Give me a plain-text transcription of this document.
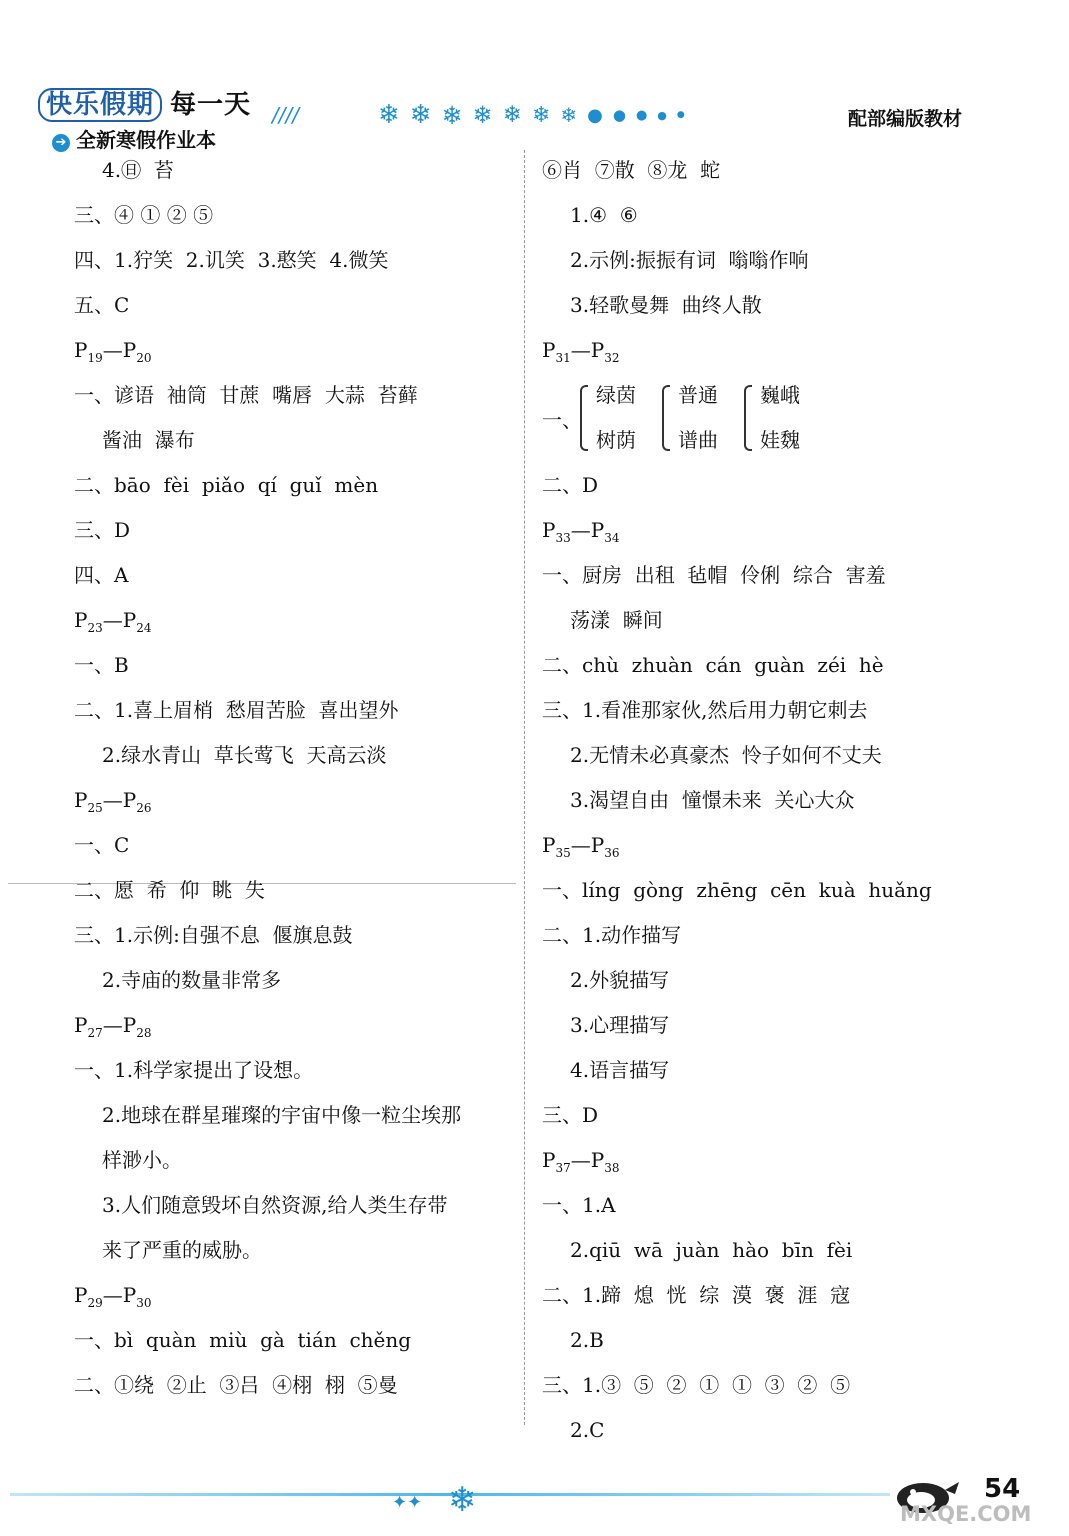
快乐假期 每一天 ////
➔ 全新寒假作业本
❄ ❄ ❄ ❄ ❄ ❄ ❄ ● ● ● ● ●	配部编版教材
4.㊐  苔
三、④ ① ② ⑤
四、1.狞笑  2.讥笑  3.憨笑  4.微笑
五、C
$P_{19}—P_{20}$
一、谚语  袖筒  甘蔗  嘴唇  大蒜  苔藓
酱油  瀑布
二、bāo  fèi  piǎo  qí  guǐ  mèn
三、D
四、A
$P_{23}—P_{24}$
一、B
二、1.喜上眉梢  愁眉苦脸  喜出望外
2.绿水青山  草长莺飞  天高云淡
$P_{25}—P_{26}$
一、C
二、愿  希  仰  眺  失
三、1.示例:自强不息  偃旗息鼓
2.寺庙的数量非常多
$P_{27}—P_{28}$
一、1.科学家提出了设想。
2.地球在群星璀璨的宇宙中像一粒尘埃那
样渺小。
3.人们随意毁坏自然资源,给人类生存带
来了严重的威胁。
$P_{29}—P_{30}$
一、bì  quàn  miù  gà  tián  chěng
二、①绕  ②止  ③吕  ④栩  栩  ⑤曼
⑥肖  ⑦散  ⑧龙  蛇
1.④  ⑥
2.示例:振振有词  嗡嗡作响
3.轻歌曼舞  曲终人散
$P_{31}—P_{32}$
一、
绿茵
树荫
普通
谱曲
巍峨
娃魏
二、D
$P_{33}—P_{34}$
一、厨房  出租  毡帽  伶俐  综合  害羞
荡漾  瞬间
二、chù  zhuàn  cán  guàn  zéi  hè
三、1.看准那家伙,然后用力朝它刺去
2.无情未必真豪杰  怜子如何不丈夫
3.渴望自由  憧憬未来  关心大众
$P_{35}—P_{36}$
一、líng  gòng  zhēng  cēn  kuà  huǎng
二、1.动作描写
2.外貌描写
3.心理描写
4.语言描写
三、D
$P_{37}—P_{38}$
一、1.A
2.qiū  wā  juàn  hào  bīn  fèi
二、1.蹄  熄  恍  综  漠  褒  涯  寇
2.B
三、1.③  ⑤  ②  ①  ①  ③  ②  ⑤
2.C
✦✦ ❄	54
MXQE.COM
